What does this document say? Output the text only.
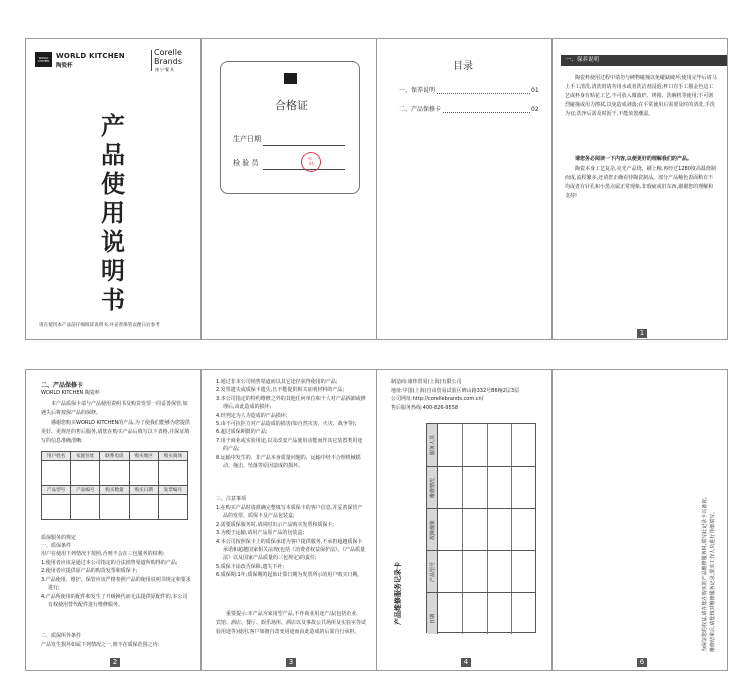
WORLD
KITCHEN
WORLD KITCHEN
陶瓷杯
Corelle
Brands
康宁餐具
产
品
使
用
说
明
书
请在使用本产品前仔细阅读说明书,并妥善保管以便日后参考
合格证
生产日期
检 验 员
检
01
目录
一、保养说明	01
二、产品保修卡	02
一、保养说明
陶瓷杯使用过程中请勿与硬物碰撞以免碰缺破坏;使用完毕后请马上手工清洗,清洗时请勿用水或者洗洁剂浸泡;杯口有手工描金色边工艺或杯身有贴花工艺,不可放入微波炉、烤箱、洗碗机等使用;不可剧烈碰撞或用力擦拭,以免造成剥落;在平常使用后需要及时的清洗,手洗为宜;洗净后需及时沥干,不能放置潮湿。
请您务必阅读一下内容,以便更好的理解我们的产品。
陶瓷本身工艺复杂,亮光产品烧、刷上釉,再经过1280度高温烧制而成,流程繁多,还请您正确看待陶瓷制品。部分产品釉色表面稍有不均或者有针孔和小黑点属正常现象,非瑕疵或旧东西,谢谢您的理解和支持!
1
二、产品保修卡
WORLD KITCHEN 陶瓷杯
本产品质保卡请与产品使用说明书及购货发票一同妥善保管,如遇失后将按保产品的保修。
感谢您购买WORLD KITCHEN的产品,为了使我们能够为您提供更好、更规范的售后服务,请您在购买产品后填写以下表格,并保证填写的信息准确清晰:
用户姓名	家庭住址	联系电话	购买地区	购买商场

产品型号	产品编号	购买数量	购买日期	发票编号

质保服务的规定
一、质保条件
用户在使用下列情况下按照,否则不会在三包服务的权利:
1.使用者应该是通过本公司指定的合法销售渠道所购得的产品;
2.使用者应提供原产品的购货发票和质保卡;
3.产品使用、维护、保管应该严格参照产品的使用说明书规定和要求进行;
4.产品所使用的配件和发生了升级换代而无法提供原配件的,本公司有权使用替代配件进行维修服务。
二、质保所外条件
产品发生损坏如属下列情况之一,则不在质保范围之内:
2
1.通过非本公司销售渠道而以其它途径获得使用的产品;
2.发票遗失或质保卡遗失,且不能提供相关证明材料的产品;
3.本公司指定的特约维修之外的其他任何单位和个人对产品拆卸或修理后,由此造成的损坏;
4.经判定为人为造成的产品损坏;
5.由不可抗拒力对产品造成的损害(如自然灾害、火灾、战争等);
6.超过质保期限的产品;
7.用于商业或实验用途,以及改变产品使用动能而作其它装置类用途的产品;
8.运输中发生的、非产品本身质量问题的、运输中经不合理机械摇动、撞击、坠落等原因造成的损坏。
三、注意事项
1.在购买产品时请准确完整填写本质保卡的客户信息,并妥善保管产品的发票、质保卡及产品包装盒;
2.需要质保服务时,请同时出示产品购买发票和质保卡;
3.为便于运输,请用产品原产品的包装盒;
4.本公司按照保卡上的质保承诺为客户提供服务,不承担超越质保卡承诺和超越国家相关法规(包括《消费者权益保护法》、《产品质量法》以及国家产品质量的三包规定)的责任;
5.质保卡涂改否保障,遗失不补;
6.质保期:1年;质保期的起始计算日期为发票所示的用户购买日期。
重要提示:本产品为家用型产品,不作商业用途产品(包括企业、宾馆、酒店、餐厅、娱乐场所、酒店以及事故公共场所及实验室等试验用途等)使用,客户如擅自改变用途而由此造成的后果自行承担。
3
制造商:康炜贸易(上海)有限公司
地址:中国(上海)自由贸易试验区碑山路332号B6幢2层3层
公司网址:http://corellebrands.com.cn/
售后服务热线:400-826-9558
产品维修服务记录卡	日期
产品型号
故障现象
维修情况
服务人员
4
为保证您的权益,请在您在购买的产品维修服务时,填写此记录卡以备查。 维修结束后,请您核对维修服务记录,要求工作人员进行详细填写。
6
